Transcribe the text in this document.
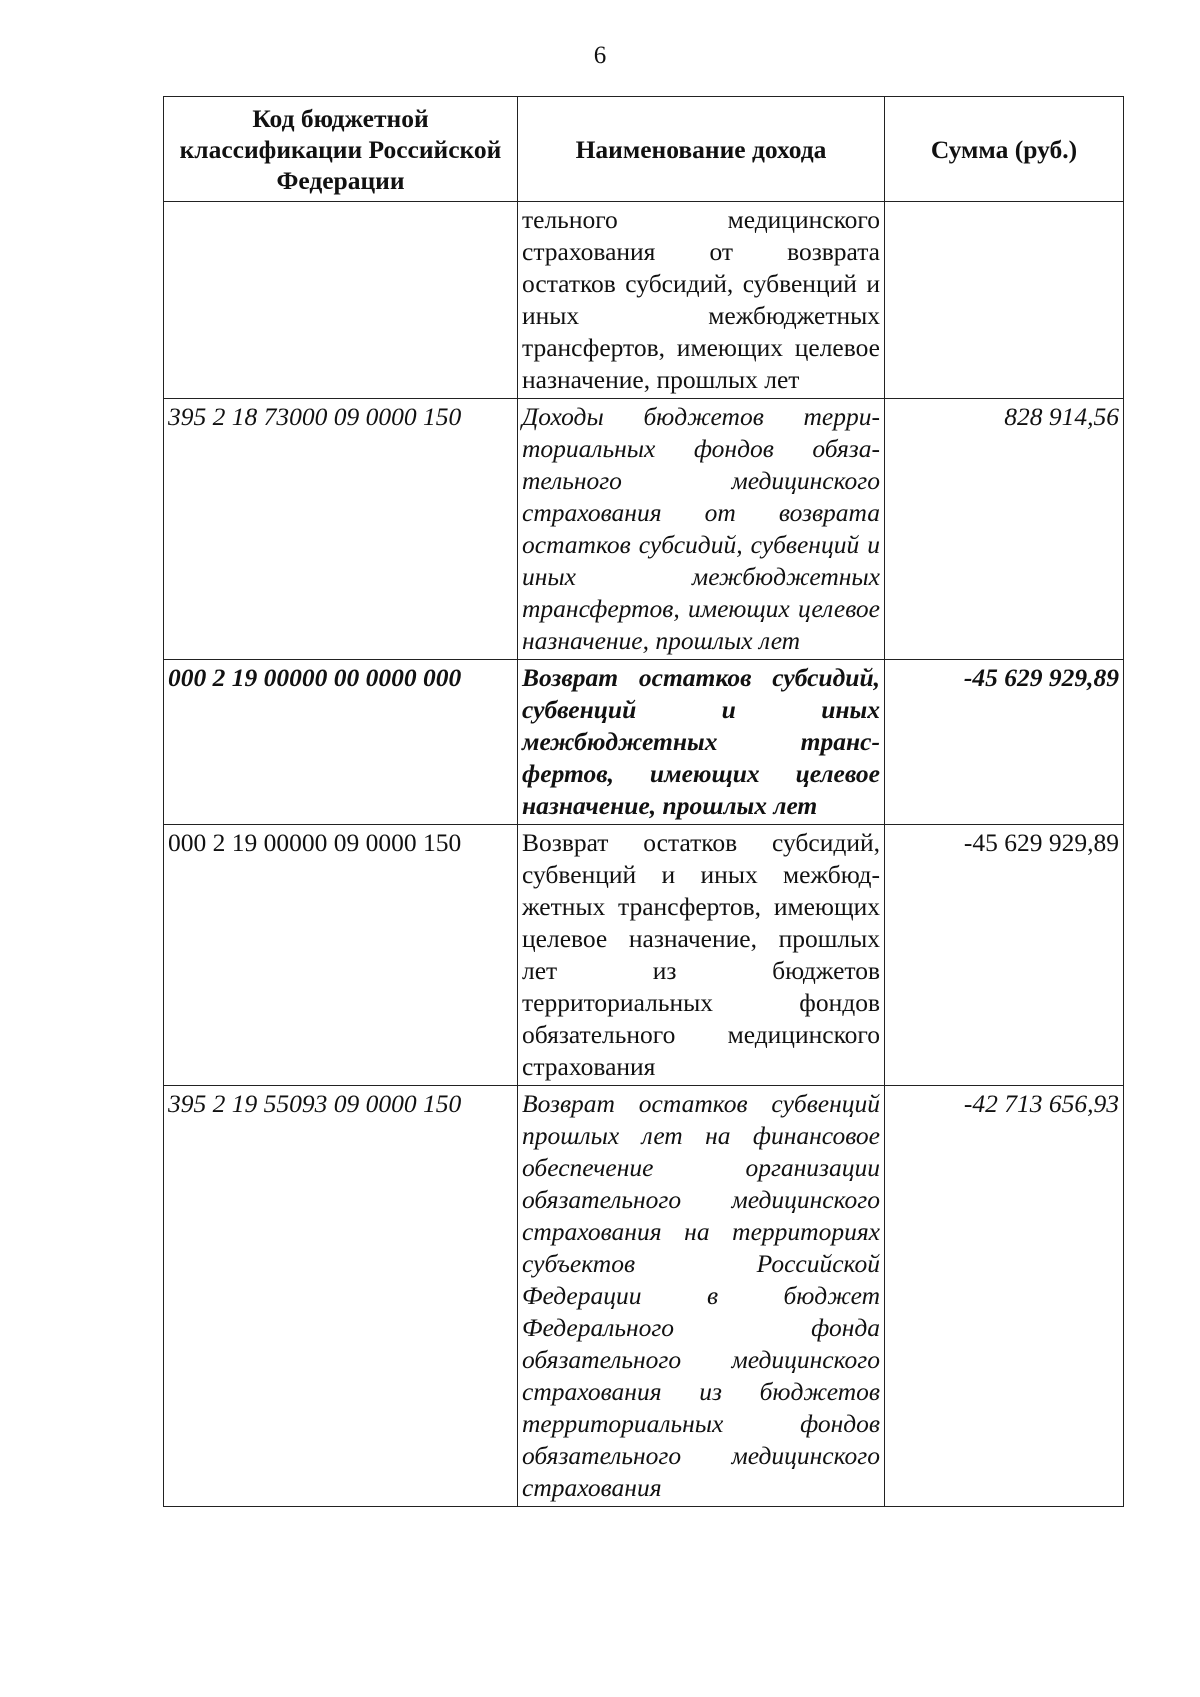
6
Код бюджетной классификации Российской Федерации	Наименование дохода	Сумма (руб.)
	тельного медицинского страхования от возврата остатков субсидий, субвенций и иных межбюджетных трансфертов, имеющих целевое назначение, прошлых лет	
395 2 18 73000 09 0000 150	Доходы бюджетов территориальных фондов обязательного медицинского страхования от возврата остатков субсидий, субвенций и иных межбюджетных трансфертов, имеющих целевое назначение, прошлых лет	828 914,56
000 2 19 00000 00 0000 000	Возврат остатков субсидий, субвенций и иных межбюджетных трансфертов, имеющих целевое назначение, прошлых лет	-45 629 929,89
000 2 19 00000 09 0000 150	Возврат остатков субсидий, субвенций и иных межбюджетных трансфертов, имеющих целевое назначение, прошлых лет из бюджетов территориальных фондов обязательного медицинского страхования	-45 629 929,89
395 2 19 55093 09 0000 150	Возврат остатков субвенций прошлых лет на финансовое обеспечение организации обязательного медицинского страхования на территориях субъектов Российской Федерации в бюджет Федерального фонда обязательного медицинского страхования из бюджетов территориальных фондов обязательного медицинского страхования	-42 713 656,93
